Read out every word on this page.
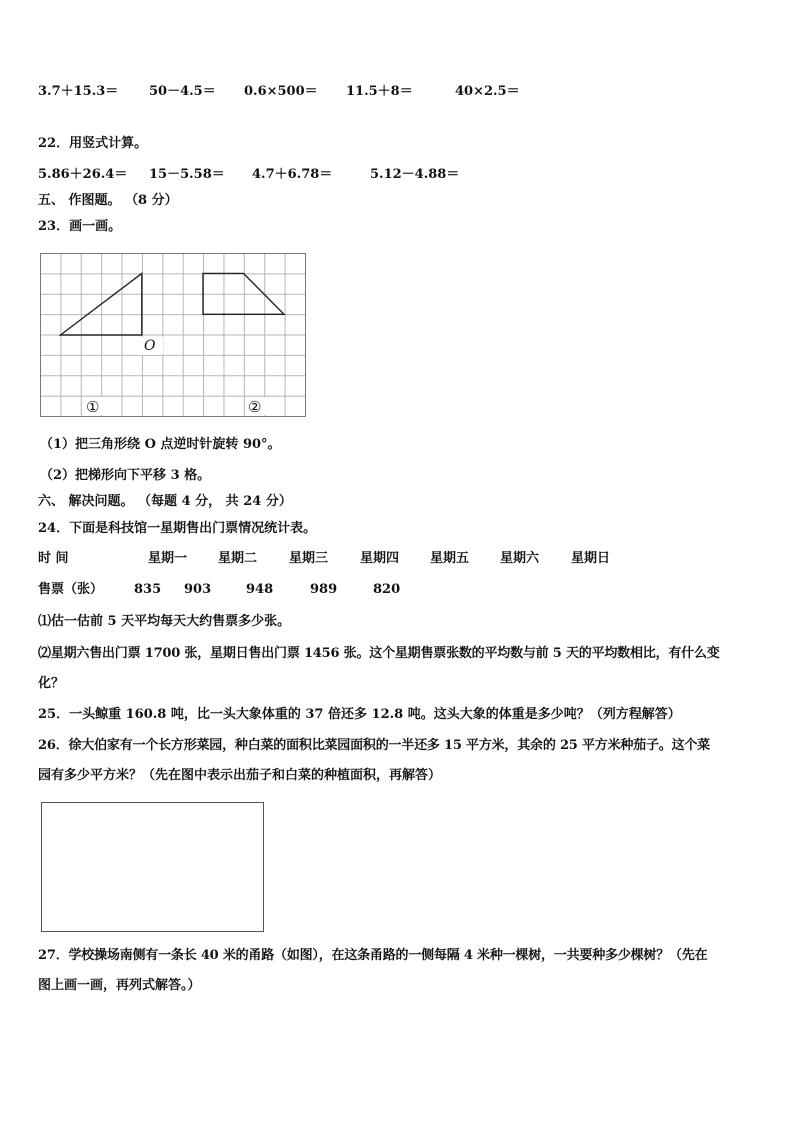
3.7＋15.3＝ 50－4.5＝ 0.6×500＝ 11.5＋8＝	40×2.5＝
22．用竖式计算。
5.86＋26.4＝ 15－5.58＝ 4.7＋6.78＝	5.12－4.88＝
五、 作图题。 （8 分）
23．画一画。
O
①	②
（1）把三角形绕 O 点逆时针旋转 90°。
（2）把梯形向下平移 3 格。
六、 解决问题。 （每题 4 分， 共 24 分）
24．下面是科技馆一星期售出门票情况统计表。
时 间	星期一 星期二 星期三 星期四 星期五 星期六 星期日
售票（张） 835 903	948	989	820
⑴估一估前 5 天平均每天大约售票多少张。
⑵星期六售出门票 1700 张，星期日售出门票 1456 张。这个星期售票张数的平均数与前 5 天的平均数相比，有什么变
化？
25．一头鲸重 160.8 吨，比一头大象体重的 37 倍还多 12.8 吨。这头大象的体重是多少吨？（列方程解答）
26．徐大伯家有一个长方形菜园，种白菜的面积比菜园面积的一半还多 15 平方米，其余的 25 平方米种茄子。这个菜
园有多少平方米？（先在图中表示出茄子和白菜的种植面积，再解答）
27．学校操场南侧有一条长 40 米的甬路（如图），在这条甬路的一侧每隔 4 米种一棵树，一共要种多少棵树？（先在
图上画一画，再列式解答。）
